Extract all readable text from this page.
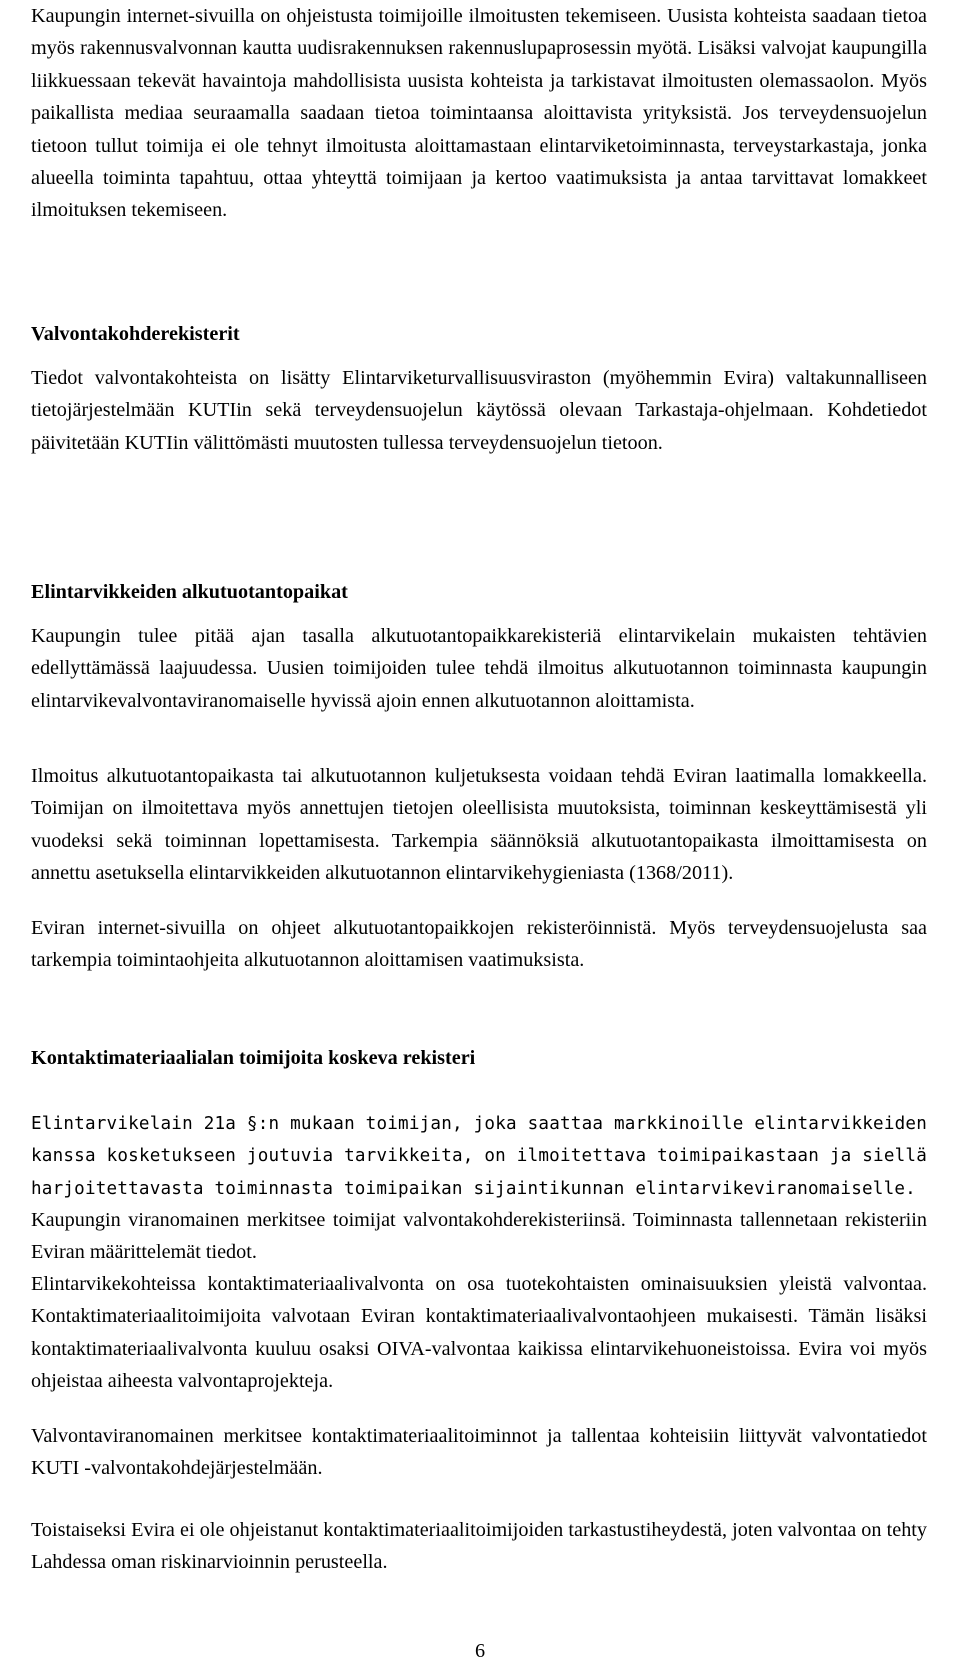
Kaupungin internet-sivuilla on ohjeistusta toimijoille ilmoitusten tekemiseen. Uusista kohteista saadaan tietoa myös rakennusvalvonnan kautta uudisrakennuksen rakennuslupaprosessin myötä. Lisäksi valvojat kaupungilla liikkuessaan tekevät havaintoja mahdollisista uusista kohteista ja tarkistavat ilmoitusten olemassaolon. Myös paikallista mediaa seuraamalla saadaan tietoa toimintaansa aloittavista yrityksistä. Jos terveydensuojelun tietoon tullut toimija ei ole tehnyt ilmoitusta aloittamastaan elintarviketoiminnasta, terveystarkastaja, jonka alueella toiminta tapahtuu, ottaa yhteyttä toimijaan ja kertoo vaatimuksista ja antaa tarvittavat lomakkeet ilmoituksen tekemiseen.

Valvontakohderekisterit

Tiedot valvontakohteista on lisätty Elintarviketurvallisuusviraston (myöhemmin Evira) valtakunnalliseen tietojärjestelmään KUTIin sekä terveydensuojelun käytössä olevaan Tarkastaja-ohjelmaan. Kohdetiedot päivitetään KUTIin välittömästi muutosten tullessa terveydensuojelun tietoon.

Elintarvikkeiden alkutuotantopaikat

Kaupungin tulee pitää ajan tasalla alkutuotantopaikkarekisteriä elintarvikelain mukaisten tehtävien edellyttämässä laajuudessa. Uusien toimijoiden tulee tehdä ilmoitus alkutuotannon toiminnasta kaupungin elintarvikevalvontaviranomaiselle hyvissä ajoin ennen alkutuotannon aloittamista.

Ilmoitus alkutuotantopaikasta tai alkutuotannon kuljetuksesta voidaan tehdä Eviran laatimalla lomakkeella. Toimijan on ilmoitettava myös annettujen tietojen oleellisista muutoksista, toiminnan keskeyttämisestä yli vuodeksi sekä toiminnan lopettamisesta. Tarkempia säännöksiä alkutuotantopaikasta ilmoittamisesta on annettu asetuksella elintarvikkeiden alkutuotannon elintarvikehygieniasta (1368/2011).

Eviran internet-sivuilla on ohjeet alkutuotantopaikkojen rekisteröinnistä. Myös terveydensuojelusta saa tarkempia toimintaohjeita alkutuotannon aloittamisen vaatimuksista.

Kontaktimateriaalialan toimijoita koskeva rekisteri

Elintarvikelain 21a §:n mukaan toimijan, joka saattaa markkinoille elintarvikkeiden kanssa kosketukseen joutuvia tarvikkeita, on ilmoitettava toimipaikastaan ja siellä harjoitettavasta toiminnasta toimipaikan sijaintikunnan elintarvikeviranomaiselle.

Kaupungin viranomainen merkitsee toimijat valvontakohderekisteriinsä. Toiminnasta tallennetaan rekisteriin Eviran määrittelemät tiedot.

Elintarvikekohteissa kontaktimateriaalivalvonta on osa tuotekohtaisten ominaisuuksien yleistä valvontaa. Kontaktimateriaalitoimijoita valvotaan Eviran kontaktimateriaalivalvontaohjeen mukaisesti. Tämän lisäksi kontaktimateriaalivalvonta kuuluu osaksi OIVA-valvontaa kaikissa elintarvikehuoneistoissa. Evira voi myös ohjeistaa aiheesta valvontaprojekteja.

Valvontaviranomainen merkitsee kontaktimateriaalitoiminnot ja tallentaa kohteisiin liittyvät valvontatiedot KUTI -valvontakohdejärjestelmään.

Toistaiseksi Evira ei ole ohjeistanut kontaktimateriaalitoimijoiden tarkastustiheydestä, joten valvontaa on tehty Lahdessa oman riskinarvioinnin perusteella.

6
